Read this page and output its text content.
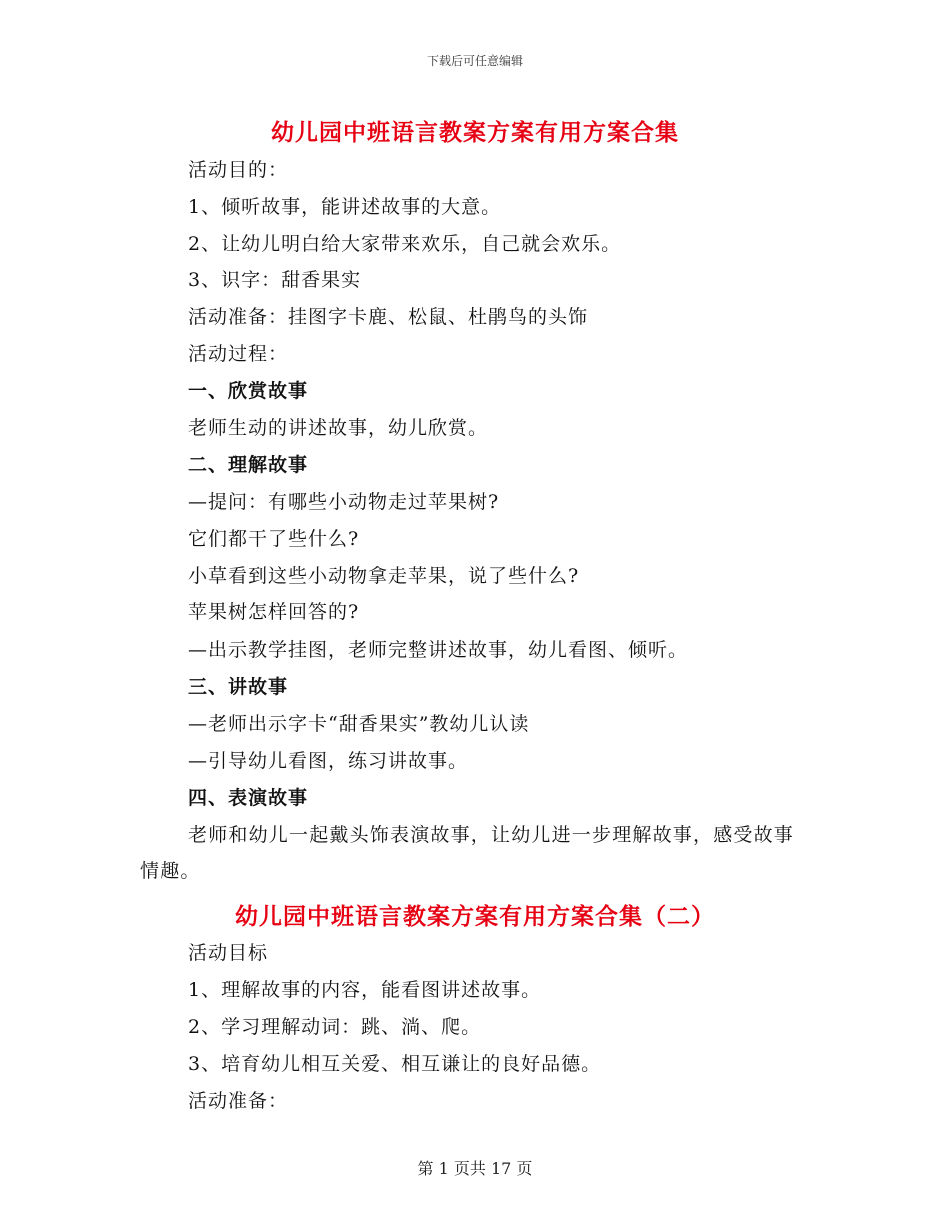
下载后可任意编辑
幼儿园中班语言教案方案有用方案合集
活动目的：
1、倾听故事，能讲述故事的大意。
2、让幼儿明白给大家带来欢乐，自己就会欢乐。
3、识字：甜香果实
活动准备：挂图字卡鹿、松鼠、杜鹃鸟的头饰
活动过程：
一、欣赏故事
老师生动的讲述故事，幼儿欣赏。
二、理解故事
—提问：有哪些小动物走过苹果树?
它们都干了些什么?
小草看到这些小动物拿走苹果，说了些什么?
苹果树怎样回答的?
—出示教学挂图，老师完整讲述故事，幼儿看图、倾听。
三、讲故事
—老师出示字卡“甜香果实”教幼儿认读
—引导幼儿看图，练习讲故事。
四、表演故事
老师和幼儿一起戴头饰表演故事，让幼儿进一步理解故事，感受故事情趣。
幼儿园中班语言教案方案有用方案合集（二）
活动目标
1、理解故事的内容，能看图讲述故事。
2、学习理解动词：跳、淌、爬。
3、培育幼儿相互关爱、相互谦让的良好品德。
活动准备：
第 1 页共 17 页
